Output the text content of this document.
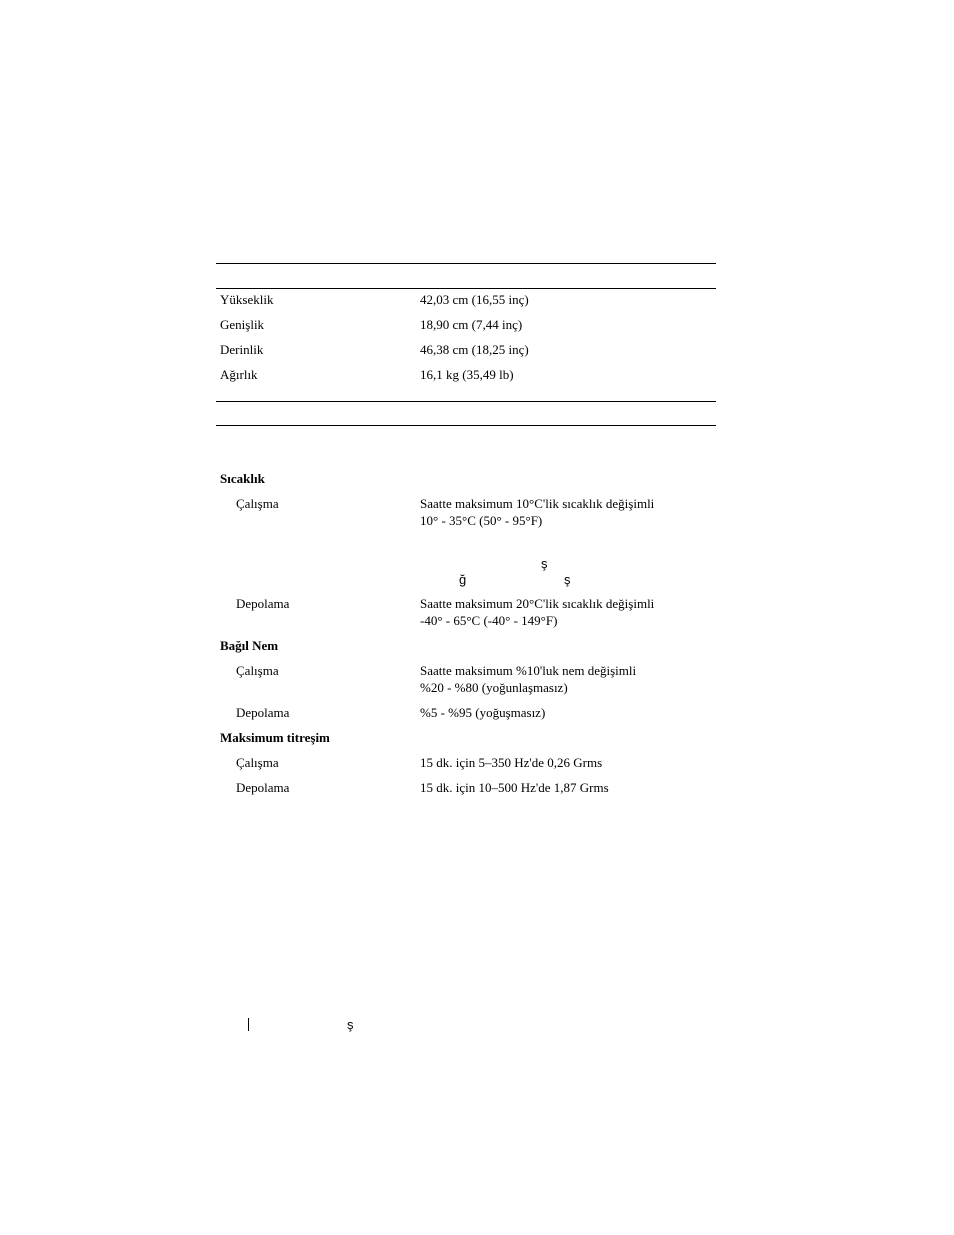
Yükseklik	42,03 cm (16,55 inç)
Genişlik	18,90 cm (7,44 inç)
Derinlik	46,38 cm (18,25 inç)
Ağırlık	16,1 kg (35,49 lb)
Sıcaklık
Çalışma	Saatte maksimum 10°C'lik sıcaklık değişimli
10° - 35°C (50° - 95°F)
ş
ğ	ş
Depolama	Saatte maksimum 20°C'lik sıcaklık değişimli
-40° - 65°C (-40° - 149°F)
Bağıl Nem
Çalışma	Saatte maksimum %10'luk nem değişimli
%20 - %80 (yoğunlaşmasız)
Depolama	%5 - %95 (yoğuşmasız)
Maksimum titreşim
Çalışma	15 dk. için 5–350 Hz'de 0,26 Grms
Depolama	15 dk. için 10–500 Hz'de 1,87 Grms
ş
